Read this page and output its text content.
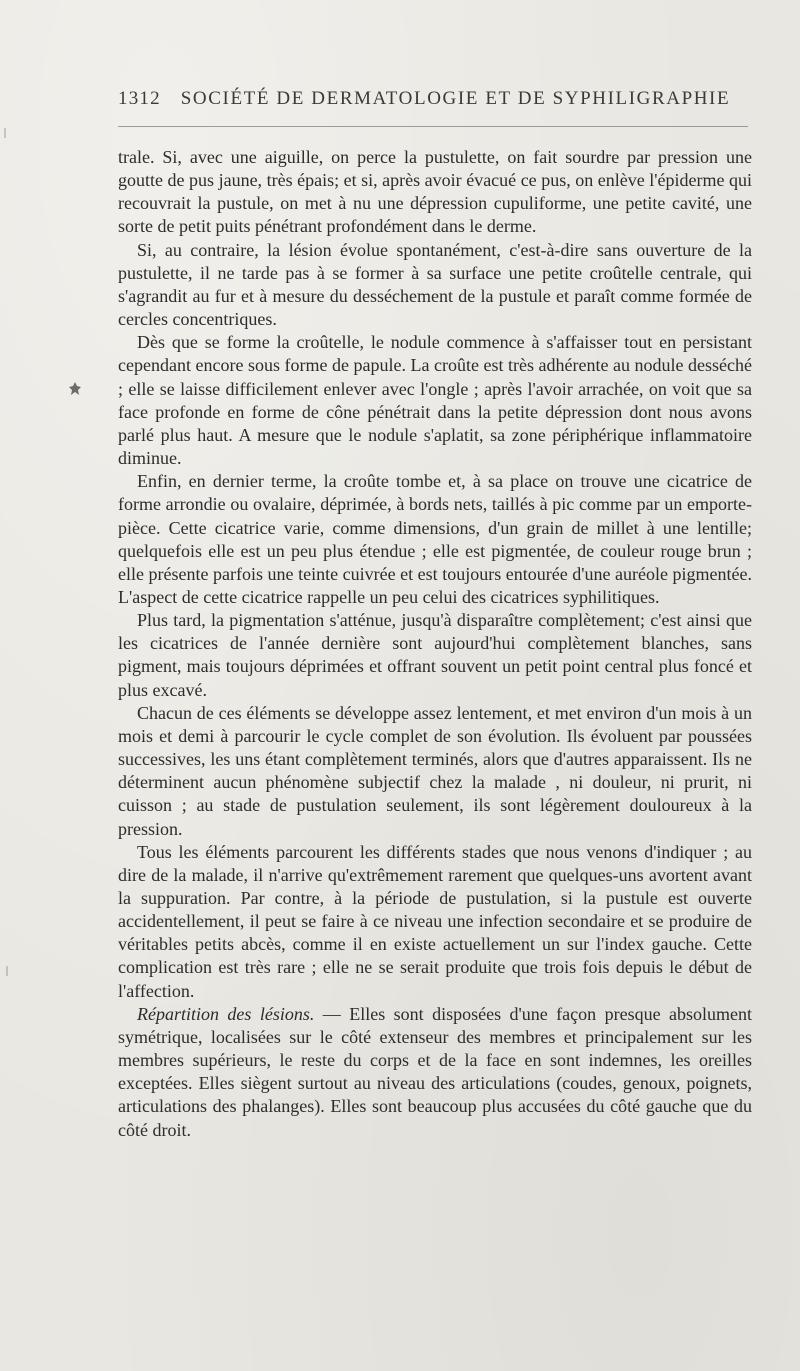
1312 SOCIÉTÉ DE DERMATOLOGIE ET DE SYPHILIGRAPHIE

trale. Si, avec une aiguille, on perce la pustulette, on fait sourdre par pression une goutte de pus jaune, très épais; et si, après avoir évacué ce pus, on enlève l'épiderme qui recouvrait la pustule, on met à nu une dépression cupuliforme, une petite cavité, une sorte de petit puits pénétrant profondément dans le derme.

Si, au contraire, la lésion évolue spontanément, c'est-à-dire sans ouverture de la pustulette, il ne tarde pas à se former à sa surface une petite croûtelle centrale, qui s'agrandit au fur et à mesure du desséchement de la pustule et paraît comme formée de cercles concentriques.

Dès que se forme la croûtelle, le nodule commence à s'affaisser tout en persistant cependant encore sous forme de papule. La croûte est très adhérente au nodule desséché ; elle se laisse difficilement enlever avec l'ongle ; après l'avoir arrachée, on voit que sa face profonde en forme de cône pénétrait dans la petite dépression dont nous avons parlé plus haut. A mesure que le nodule s'aplatit, sa zone périphérique inflammatoire diminue.

Enfin, en dernier terme, la croûte tombe et, à sa place on trouve une cicatrice de forme arrondie ou ovalaire, déprimée, à bords nets, taillés à pic comme par un emporte-pièce. Cette cicatrice varie, comme dimensions, d'un grain de millet à une lentille; quelquefois elle est un peu plus étendue ; elle est pigmentée, de couleur rouge brun ; elle présente parfois une teinte cuivrée et est toujours entourée d'une auréole pigmentée. L'aspect de cette cicatrice rappelle un peu celui des cicatrices syphilitiques.

Plus tard, la pigmentation s'atténue, jusqu'à disparaître complètement; c'est ainsi que les cicatrices de l'année dernière sont aujourd'hui complètement blanches, sans pigment, mais toujours déprimées et offrant souvent un petit point central plus foncé et plus excavé.

Chacun de ces éléments se développe assez lentement, et met environ d'un mois à un mois et demi à parcourir le cycle complet de son évolution. Ils évoluent par poussées successives, les uns étant complètement terminés, alors que d'autres apparaissent. Ils ne déterminent aucun phénomène subjectif chez la malade , ni douleur, ni prurit, ni cuisson ; au stade de pustulation seulement, ils sont légèrement douloureux à la pression.

Tous les éléments parcourent les différents stades que nous venons d'indiquer ; au dire de la malade, il n'arrive qu'extrêmement rarement que quelques-uns avortent avant la suppuration. Par contre, à la période de pustulation, si la pustule est ouverte accidentellement, il peut se faire à ce niveau une infection secondaire et se produire de véritables petits abcès, comme il en existe actuellement un sur l'index gauche. Cette complication est très rare ; elle ne se serait produite que trois fois depuis le début de l'affection.

Répartition des lésions. — Elles sont disposées d'une façon presque absolument symétrique, localisées sur le côté extenseur des membres et principalement sur les membres supérieurs, le reste du corps et de la face en sont indemnes, les oreilles exceptées. Elles siègent surtout au niveau des articulations (coudes, genoux, poignets, articulations des phalanges). Elles sont beaucoup plus accusées du côté gauche que du côté droit.
